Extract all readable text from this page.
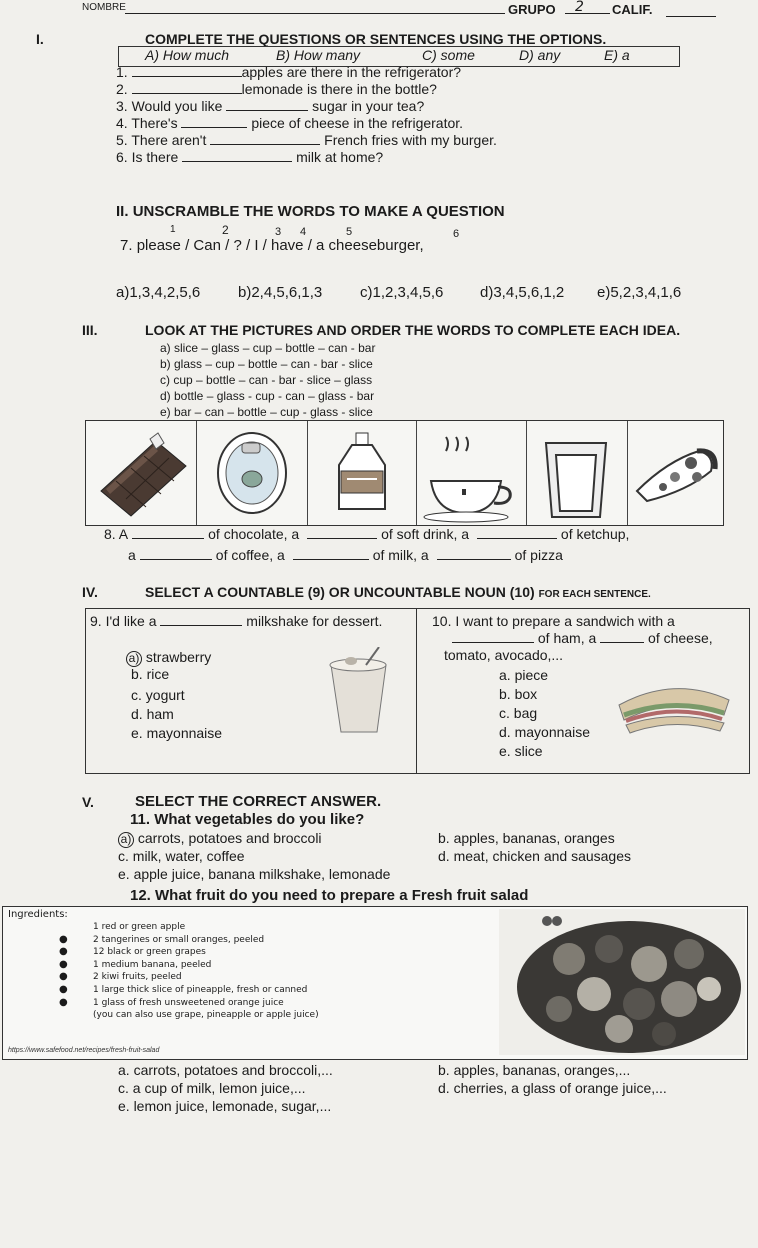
NOMBRE	GRUPO 2 CALIF.
I.	COMPLETE THE QUESTIONS OR SENTENCES USING THE OPTIONS.
A) How much	B) How many	C) some	D) any	E) a
1.	apples are there in the refrigerator?
2.	lemonade is there in the bottle?
3. Would you like	sugar in your tea?
4. There's	piece of cheese in the refrigerator.
5. There aren't	French fries with my burger.
6. Is there	milk at home?
II. UNSCRAMBLE THE WORDS TO MAKE A QUESTION
1	2	3 4	5	6
7. please / Can / ? / I / have / a cheeseburger,
a)1,3,4,2,5,6	b)2,4,5,6,1,3	c)1,2,3,4,5,6 d)3,4,5,6,1,2 e)5,2,3,4,1,6
III.	LOOK AT THE PICTURES AND ORDER THE WORDS TO COMPLETE EACH IDEA.
a) slice – glass – cup – bottle – can - bar
b) glass – cup – bottle – can - bar - slice
c) cup – bottle – can - bar - slice – glass
d) bottle – glass - cup - can – glass - bar
e) bar – can – bottle – cup - glass - slice
8. A	of chocolate, a	of soft drink, a	of ketchup,
a	of coffee, a	of milk, a	of pizza
IV.	SELECT A COUNTABLE (9) OR UNCOUNTABLE NOUN (10) FOR EACH SENTENCE.
9. I'd like a	milkshake for dessert.
a) strawberry
b. rice
c. yogurt
d. ham
e. mayonnaise
10. I want to prepare a sandwich with a
of ham, a	of cheese,
tomato, avocado,...
a. piece
b. box
c. bag
d. mayonnaise
e. slice
V.	SELECT THE CORRECT ANSWER.
11. What vegetables do you like?
a) carrots, potatoes and broccoli	b. apples, bananas, oranges
c. milk, water, coffee	d. meat, chicken and sausages
e. apple juice, banana milkshake, lemonade
12. What fruit do you need to prepare a Fresh fruit salad
Ingredients:
1 red or green apple
●	2 tangerines or small oranges, peeled
●	12 black or green grapes
●	1 medium banana, peeled
●	2 kiwi fruits, peeled
●	1 large thick slice of pineapple, fresh or canned
●	1 glass of fresh unsweetened orange juice
(you can also use grape, pineapple or apple juice)
https://www.safefood.net/recipes/fresh-fruit-salad
a. carrots, potatoes and broccoli,...	b. apples, bananas, oranges,...
c. a cup of milk, lemon juice,...	d. cherries, a glass of orange juice,...
e. lemon juice, lemonade, sugar,...
